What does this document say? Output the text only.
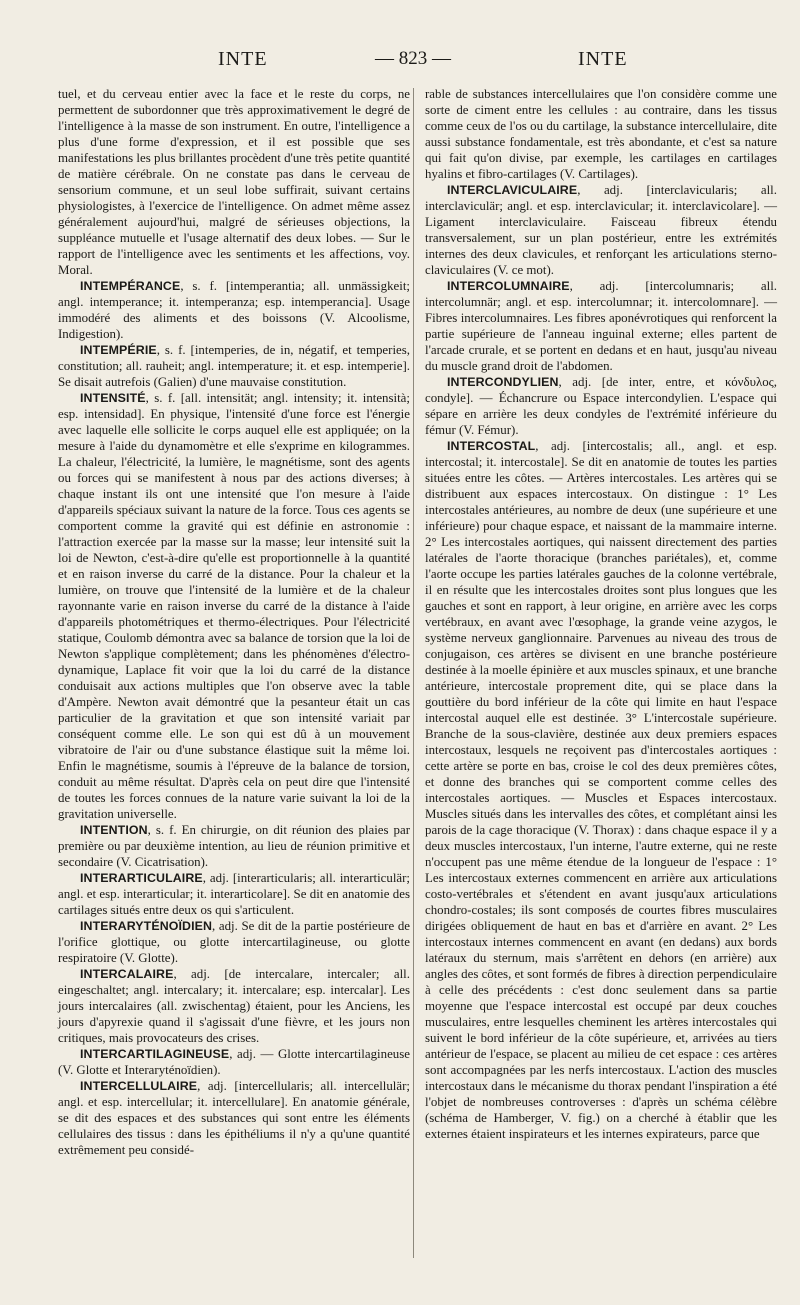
INTE	— 823 —	INTE

tuel, et du cerveau entier avec la face et le reste du corps, ne permettent de subordonner que très approximativement le degré de l'intelligence à la masse de son instrument. En outre, l'intelligence a plus d'une forme d'expression, et il est possible que ses manifestations les plus brillantes procèdent d'une très petite quantité de matière cérébrale. On ne constate pas dans le cerveau de sensorium commune, et un seul lobe suffirait, suivant certains physiologistes, à l'exercice de l'intelligence. On admet même assez généralement aujourd'hui, malgré de sérieuses objections, la suppléance mutuelle et l'usage alternatif des deux lobes. — Sur le rapport de l'intelligence avec les sentiments et les affections, voy. Moral.

INTEMPÉRANCE, s. f. [intemperantia; all. unmässigkeit; angl. intemperance; it. intemperanza; esp. intemperancia]. Usage immodéré des aliments et des boissons (V. Alcoolisme, Indigestion).

INTEMPÉRIE, s. f. [intemperies, de in, négatif, et temperies, constitution; all. rauheit; angl. intemperature; it. et esp. intemperie]. Se disait autrefois (Galien) d'une mauvaise constitution.

INTENSITÉ, s. f. [all. intensität; angl. intensity; it. intensità; esp. intensidad]. En physique, l'intensité d'une force est l'énergie avec laquelle elle sollicite le corps auquel elle est appliquée; on la mesure à l'aide du dynamomètre et elle s'exprime en kilogrammes. La chaleur, l'électricité, la lumière, le magnétisme, sont des agents ou forces qui se manifestent à nous par des actions diverses; à chaque instant ils ont une intensité que l'on mesure à l'aide d'appareils spéciaux suivant la nature de la force. Tous ces agents se comportent comme la gravité qui est définie en astronomie : l'attraction exercée par la masse sur la masse; leur intensité suit la loi de Newton, c'est-à-dire qu'elle est proportionnelle à la quantité et en raison inverse du carré de la distance. Pour la chaleur et la lumière, on trouve que l'intensité de la lumière et de la chaleur rayonnante varie en raison inverse du carré de la distance à l'aide d'appareils photométriques et thermo-électriques. Pour l'électricité statique, Coulomb démontra avec sa balance de torsion que la loi de Newton s'applique complètement; dans les phénomènes d'électro-dynamique, Laplace fit voir que la loi du carré de la distance conduisait aux actions multiples que l'on observe avec la table d'Ampère. Newton avait démontré que la pesanteur était un cas particulier de la gravitation et que son intensité variait par conséquent comme elle. Le son qui est dû à un mouvement vibratoire de l'air ou d'une substance élastique suit la même loi. Enfin le magnétisme, soumis à l'épreuve de la balance de torsion, conduit au même résultat. D'après cela on peut dire que l'intensité de toutes les forces connues de la nature varie suivant la loi de la gravitation universelle.

INTENTION, s. f. En chirurgie, on dit réunion des plaies par première ou par deuxième intention, au lieu de réunion primitive et secondaire (V. Cicatrisation).

INTERARTICULAIRE, adj. [interarticularis; all. interarticulär; angl. et esp. interarticular; it. interarticolare]. Se dit en anatomie des cartilages situés entre deux os qui s'articulent.

INTERARYTÉNOÏDIEN, adj. Se dit de la partie postérieure de l'orifice glottique, ou glotte intercartilagineuse, ou glotte respiratoire (V. Glotte).

INTERCALAIRE, adj. [de intercalare, intercaler; all. eingeschaltet; angl. intercalary; it. intercalare; esp. intercalar]. Les jours intercalaires (all. zwischentag) étaient, pour les Anciens, les jours d'apyrexie quand il s'agissait d'une fièvre, et les jours non critiques, mais provocateurs des crises.

INTERCARTILAGINEUSE, adj. — Glotte intercartilagineuse (V. Glotte et Interaryténoïdien).

INTERCELLULAIRE, adj. [intercellularis; all. intercellulär; angl. et esp. intercellular; it. intercellulare]. En anatomie générale, se dit des espaces et des substances qui sont entre les éléments cellulaires des tissus : dans les épithéliums il n'y a qu'une quantité extrêmement peu considé-

rable de substances intercellulaires que l'on considère comme une sorte de ciment entre les cellules : au contraire, dans les tissus comme ceux de l'os ou du cartilage, la substance intercellulaire, dite aussi substance fondamentale, est très abondante, et c'est sa nature qui fait qu'on divise, par exemple, les cartilages en cartilages hyalins et fibro-cartilages (V. Cartilages).

INTERCLAVICULAIRE, adj. [interclavicularis; all. interclaviculär; angl. et esp. interclavicular; it. interclavicolare]. — Ligament interclaviculaire. Faisceau fibreux étendu transversalement, sur un plan postérieur, entre les extrémités internes des deux clavicules, et renforçant les articulations sterno-claviculaires (V. ce mot).

INTERCOLUMNAIRE, adj. [intercolumnaris; all. intercolumnär; angl. et esp. intercolumnar; it. intercolomnare]. — Fibres intercolumnaires. Les fibres aponévrotiques qui renforcent la partie supérieure de l'anneau inguinal externe; elles partent de l'arcade crurale, et se portent en dedans et en haut, jusqu'au niveau du muscle grand droit de l'abdomen.

INTERCONDYLIEN, adj. [de inter, entre, et κόνδυλος, condyle]. — Échancrure ou Espace intercondylien. L'espace qui sépare en arrière les deux condyles de l'extrémité inférieure du fémur (V. Fémur).

INTERCOSTAL, adj. [intercostalis; all., angl. et esp. intercostal; it. intercostale]. Se dit en anatomie de toutes les parties situées entre les côtes. — Artères intercostales. Les artères qui se distribuent aux espaces intercostaux. On distingue : 1° Les intercostales antérieures, au nombre de deux (une supérieure et une inférieure) pour chaque espace, et naissant de la mammaire interne. 2° Les intercostales aortiques, qui naissent directement des parties latérales de l'aorte thoracique (branches pariétales), et, comme l'aorte occupe les parties latérales gauches de la colonne vertébrale, il en résulte que les intercostales droites sont plus longues que les gauches et sont en rapport, à leur origine, en arrière avec les corps vertébraux, en avant avec l'œsophage, la grande veine azygos, le système nerveux ganglionnaire. Parvenues au niveau des trous de conjugaison, ces artères se divisent en une branche postérieure destinée à la moelle épinière et aux muscles spinaux, et une branche antérieure, intercostale proprement dite, qui se place dans la gouttière du bord inférieur de la côte qui limite en haut l'espace intercostal auquel elle est destinée. 3° L'intercostale supérieure. Branche de la sous-clavière, destinée aux deux premiers espaces intercostaux, lesquels ne reçoivent pas d'intercostales aortiques : cette artère se porte en bas, croise le col des deux premières côtes, et donne des branches qui se comportent comme celles des intercostales aortiques. — Muscles et Espaces intercostaux. Muscles situés dans les intervalles des côtes, et complétant ainsi les parois de la cage thoracique (V. Thorax) : dans chaque espace il y a deux muscles intercostaux, l'un interne, l'autre externe, qui ne reste n'occupent pas une même étendue de la longueur de l'espace : 1° Les intercostaux externes commencent en arrière aux articulations costo-vertébrales et s'étendent en avant jusqu'aux articulations chondro-costales; ils sont composés de courtes fibres musculaires dirigées obliquement de haut en bas et d'arrière en avant. 2° Les intercostaux internes commencent en avant (en dedans) aux bords latéraux du sternum, mais s'arrêtent en dehors (en arrière) aux angles des côtes, et sont formés de fibres à direction perpendiculaire à celle des précédents : c'est donc seulement dans sa partie moyenne que l'espace intercostal est occupé par deux couches musculaires, entre lesquelles cheminent les artères intercostales qui suivent le bord inférieur de la côte supérieure, et, arrivées au tiers antérieur de l'espace, se placent au milieu de cet espace : ces artères sont accompagnées par les nerfs intercostaux. L'action des muscles intercostaux dans le mécanisme du thorax pendant l'inspiration a été l'objet de nombreuses controverses : d'après un schéma célèbre (schéma de Hamberger, V. fig.) on a cherché à établir que les externes étaient inspirateurs et les internes expirateurs, parce que
